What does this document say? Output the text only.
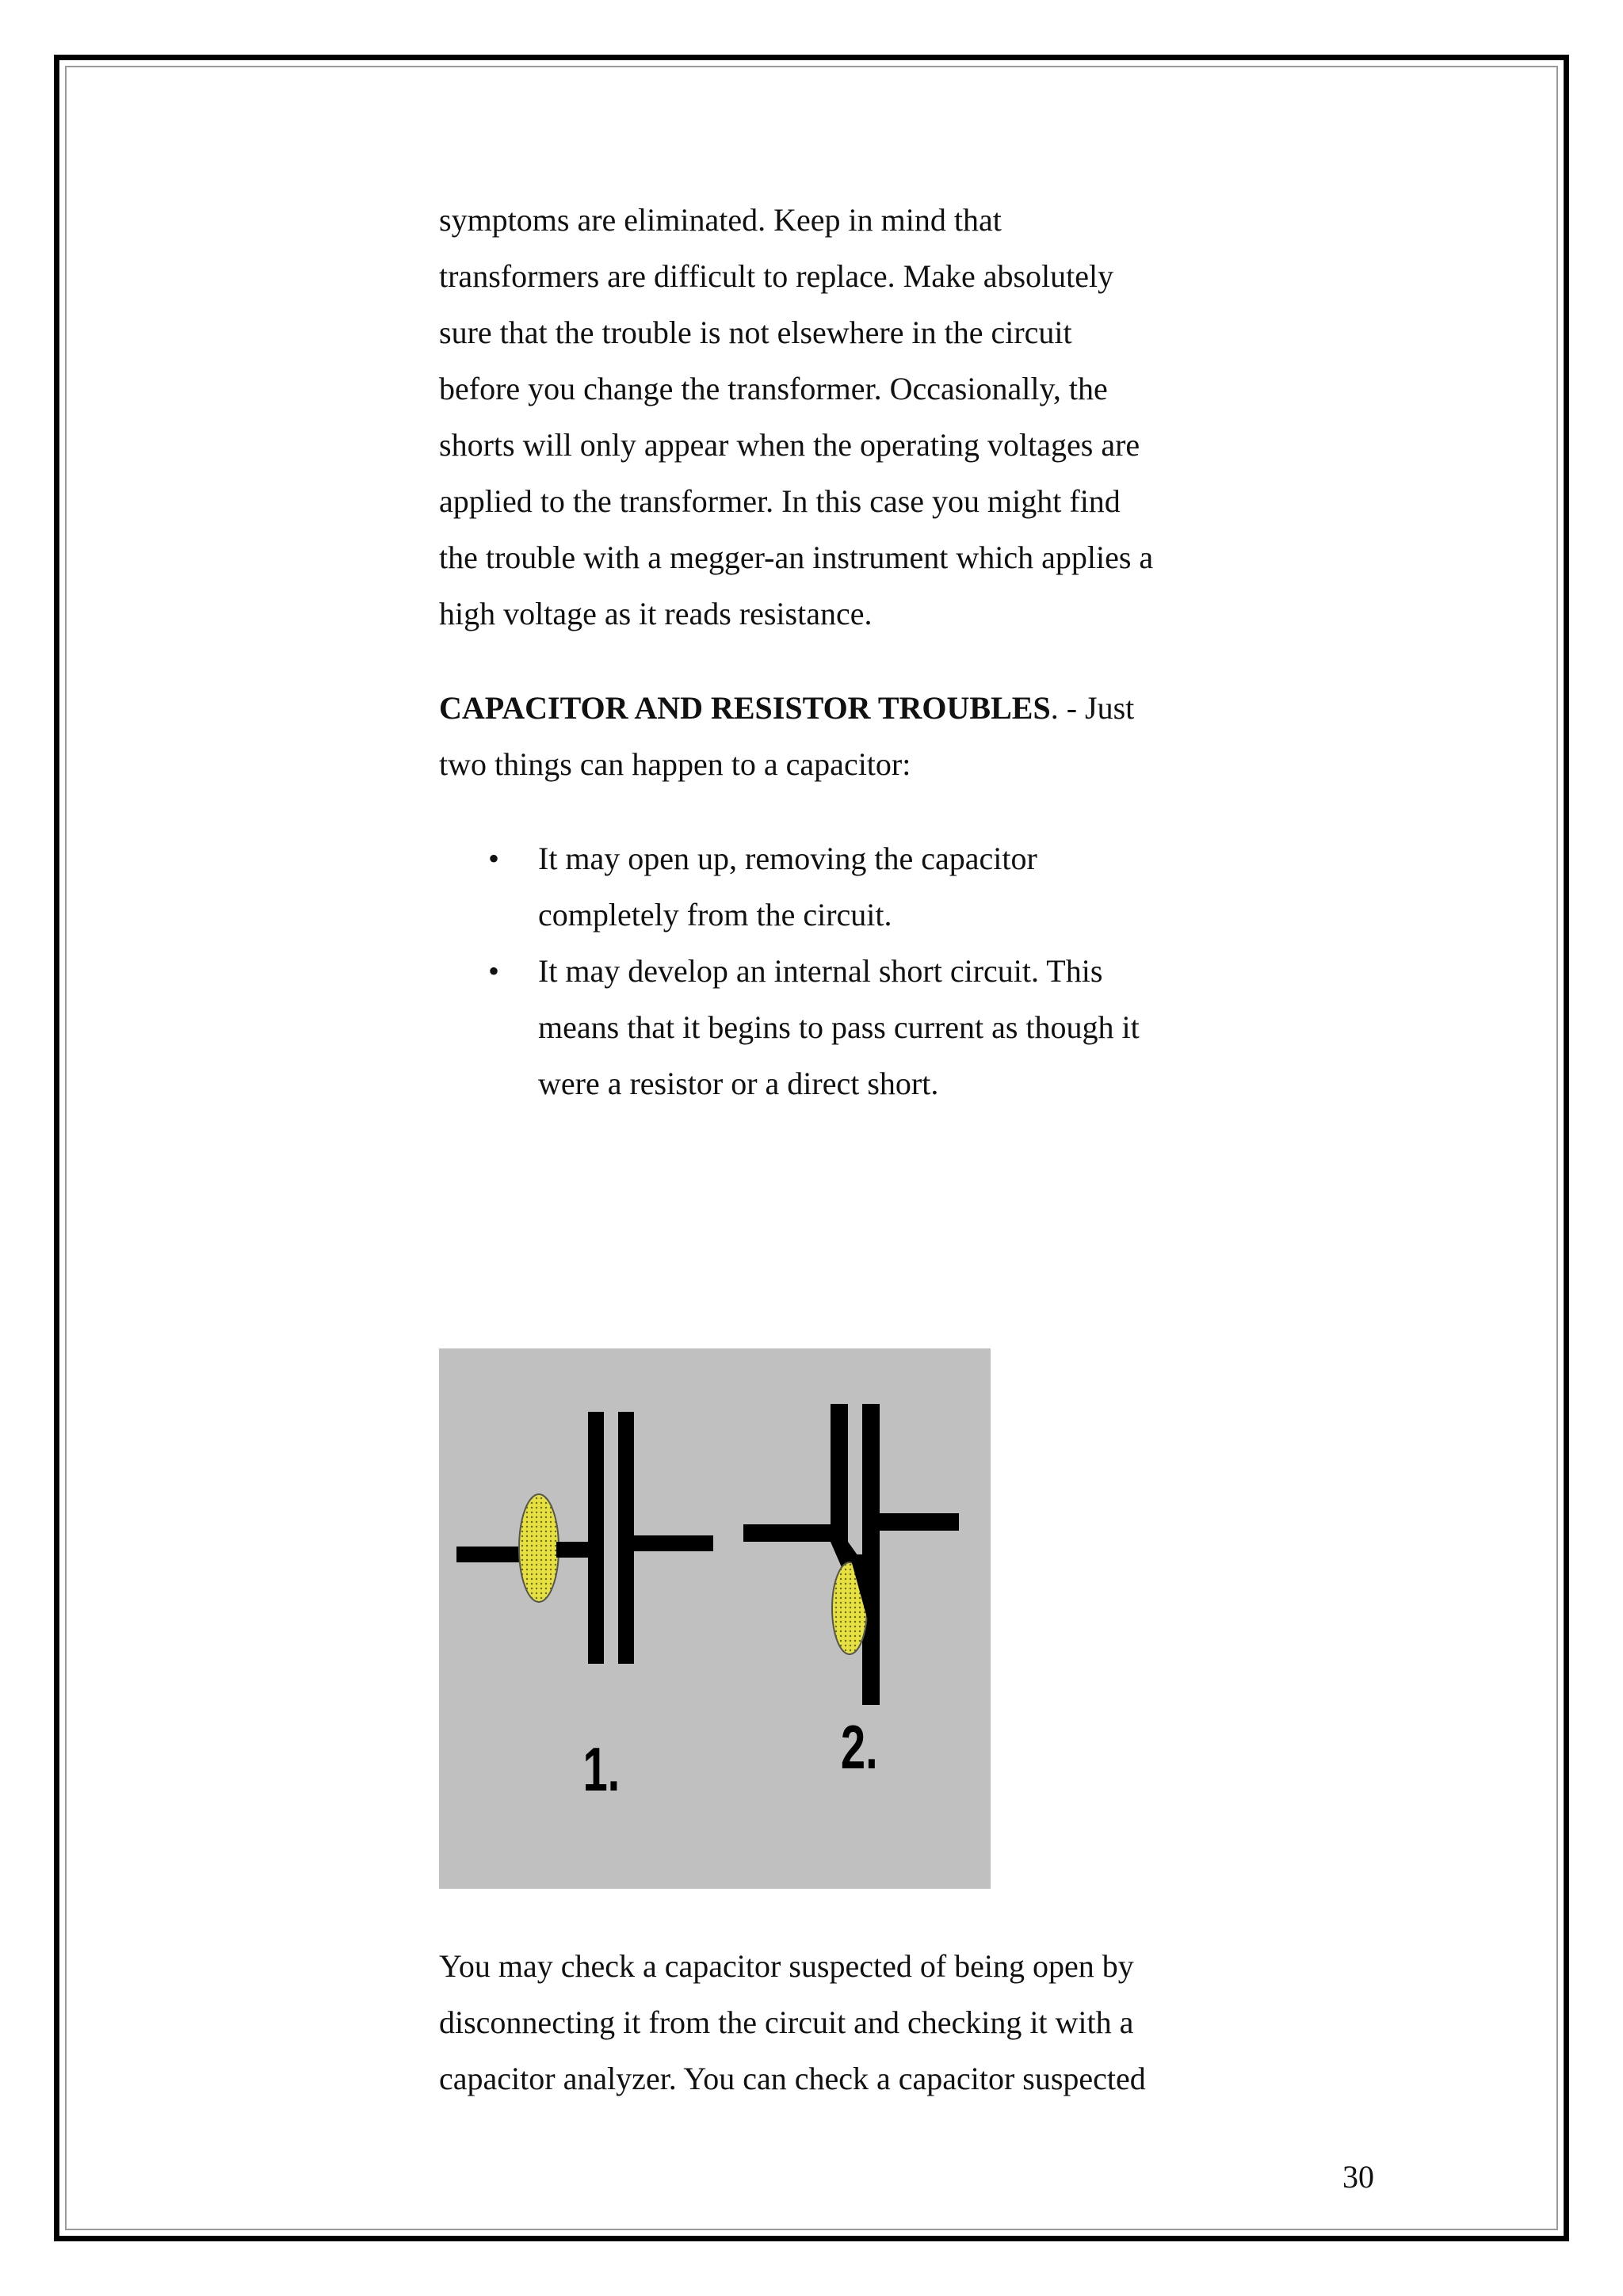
symptoms are eliminated. Keep in mind that
transformers are difficult to replace. Make absolutely
sure that the trouble is not elsewhere in the circuit
before you change the transformer. Occasionally, the
shorts will only appear when the operating voltages are
applied to the transformer. In this case you might find
the trouble with a megger-an instrument which applies a
high voltage as it reads resistance.
CAPACITOR AND RESISTOR TROUBLES. - Just
two things can happen to a capacitor:
• It may open up, removing the capacitor
completely from the circuit.
• It may develop an internal short circuit. This
means that it begins to pass current as though it
were a resistor or a direct short.
1.	2.
You may check a capacitor suspected of being open by
disconnecting it from the circuit and checking it with a
capacitor analyzer. You can check a capacitor suspected
30
